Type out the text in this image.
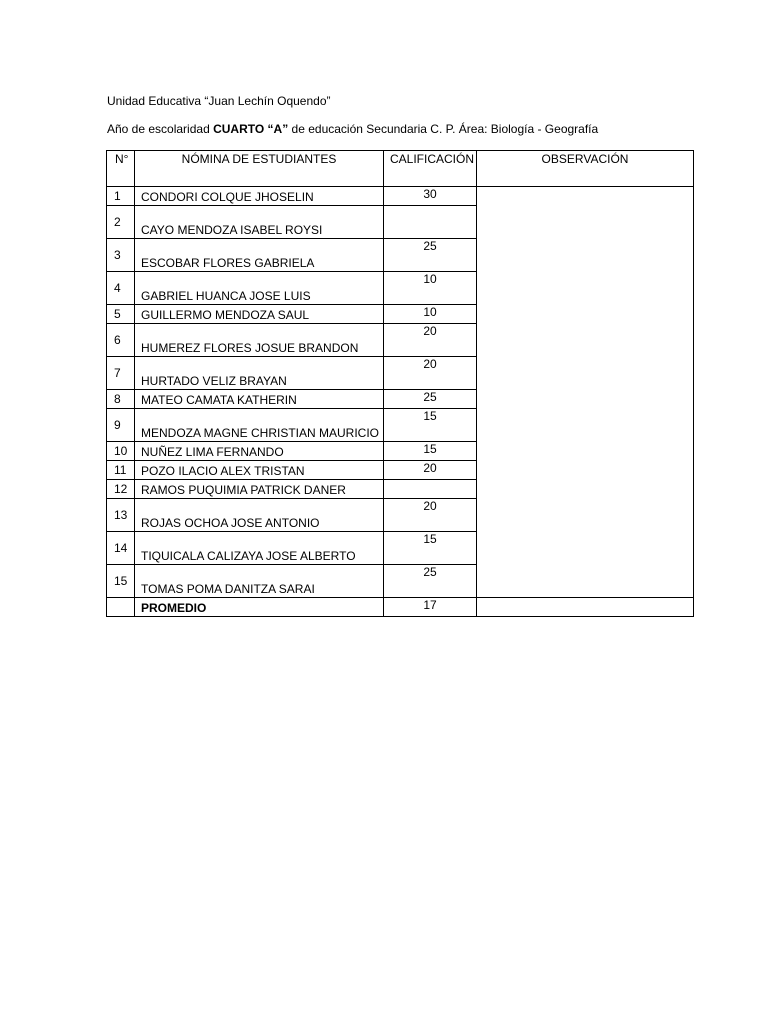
Unidad Educativa “Juan Lechín Oquendo”
Año de escolaridad CUARTO “A” de educación Secundaria C. P. Área: Biología - Geografía
N°	NÓMINA DE ESTUDIANTES	CALIFICACIÓN	OBSERVACIÓN
1	CONDORI COLQUE JHOSELIN	30	
2	CAYO MENDOZA ISABEL ROYSI		
3	ESCOBAR FLORES GABRIELA	25	
4	GABRIEL HUANCA JOSE LUIS	10	
5	GUILLERMO MENDOZA SAUL	10	
6	HUMEREZ FLORES JOSUE BRANDON	20	
7	HURTADO VELIZ BRAYAN	20	
8	MATEO CAMATA KATHERIN	25	
9	MENDOZA MAGNE CHRISTIAN MAURICIO	15	
10	NUÑEZ LIMA FERNANDO	15	
11	POZO ILACIO ALEX TRISTAN	20	
12	RAMOS PUQUIMIA PATRICK DANER		
13	ROJAS OCHOA JOSE ANTONIO	20	
14	TIQUICALA CALIZAYA JOSE ALBERTO	15	
15	TOMAS POMA DANITZA SARAI	25	
	PROMEDIO	17	
